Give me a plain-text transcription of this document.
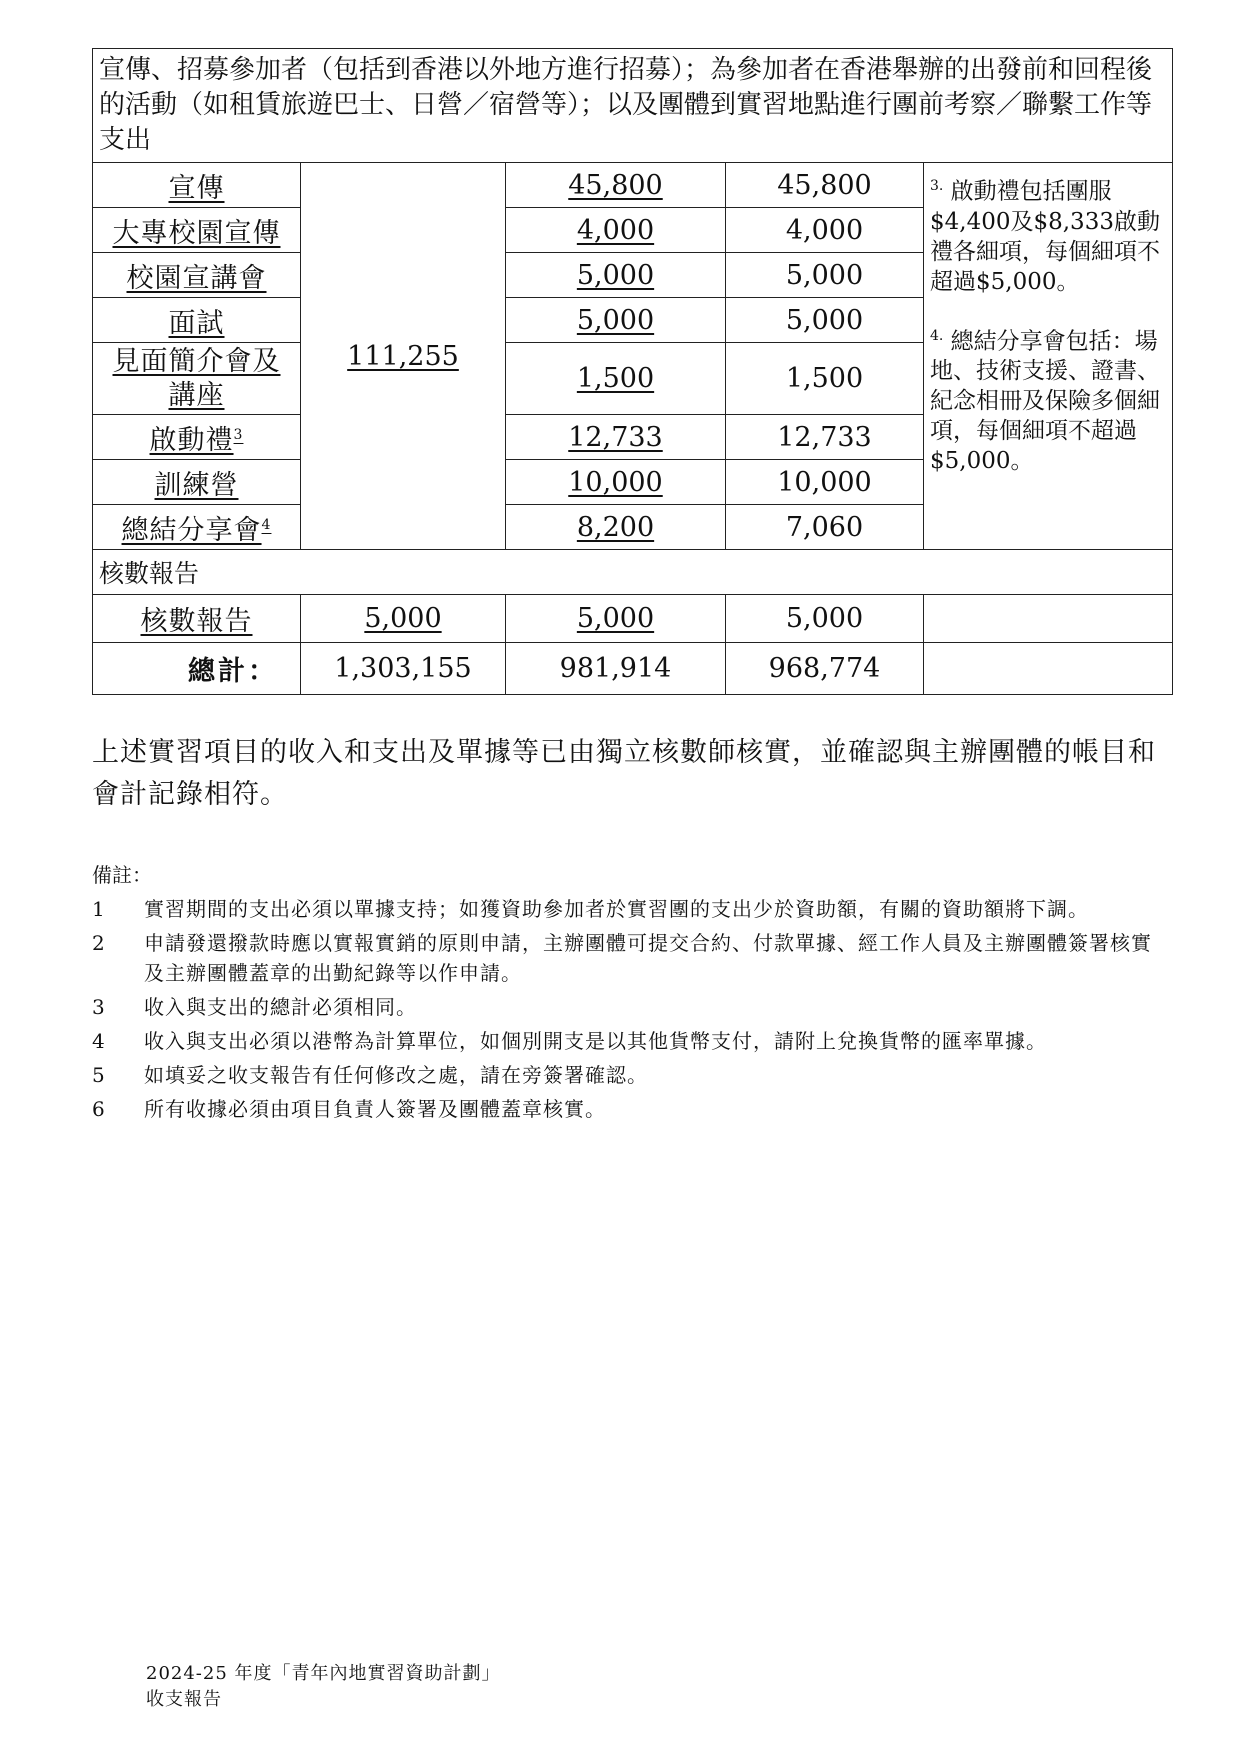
宣傳、招募參加者（包括到香港以外地方進行招募）；為參加者在香港舉辦的出發前和回程後的活動（如租賃旅遊巴士、日營／宿營等）；以及團體到實習地點進行團前考察／聯繫工作等支出				
宣傳	111,255	45,800	45,800	$^{3.}$ 啟動禮包括團服$4,400及$8,333啟動禮各細項，每個細項不超過$5,000。
$^{4.}$ 總結分享會包括：場地、技術支援、證書、紀念相冊及保險多個細項，每個細項不超過$5,000。

大專校園宣傳		4,000	4,000	
校園宣講會		5,000	5,000	
面試		5,000	5,000	
見面簡介會及講座		1,500	1,500	
啟動禮$^3$		12,733	12,733	
訓練營		10,000	10,000	
總結分享會$^4$		8,200	7,060	
核數報告				
核數報告	5,000	5,000	5,000	
總計：	1,303,155	981,914	968,774	
上述實習項目的收入和支出及單據等已由獨立核數師核實，並確認與主辦團體的帳目和會計記錄相符。
備註：
1	實習期間的支出必須以單據支持；如獲資助參加者於實習團的支出少於資助額，有關的資助額將下調。
2	申請發還撥款時應以實報實銷的原則申請，主辦團體可提交合約、付款單據、經工作人員及主辦團體簽署核實及主辦團體蓋章的出勤紀錄等以作申請。
3	收入與支出的總計必須相同。
4	收入與支出必須以港幣為計算單位，如個別開支是以其他貨幣支付，請附上兌換貨幣的匯率單據。
5	如填妥之收支報告有任何修改之處，請在旁簽署確認。
6	所有收據必須由項目負責人簽署及團體蓋章核實。
2024-25 年度「青年內地實習資助計劃」
收支報告
